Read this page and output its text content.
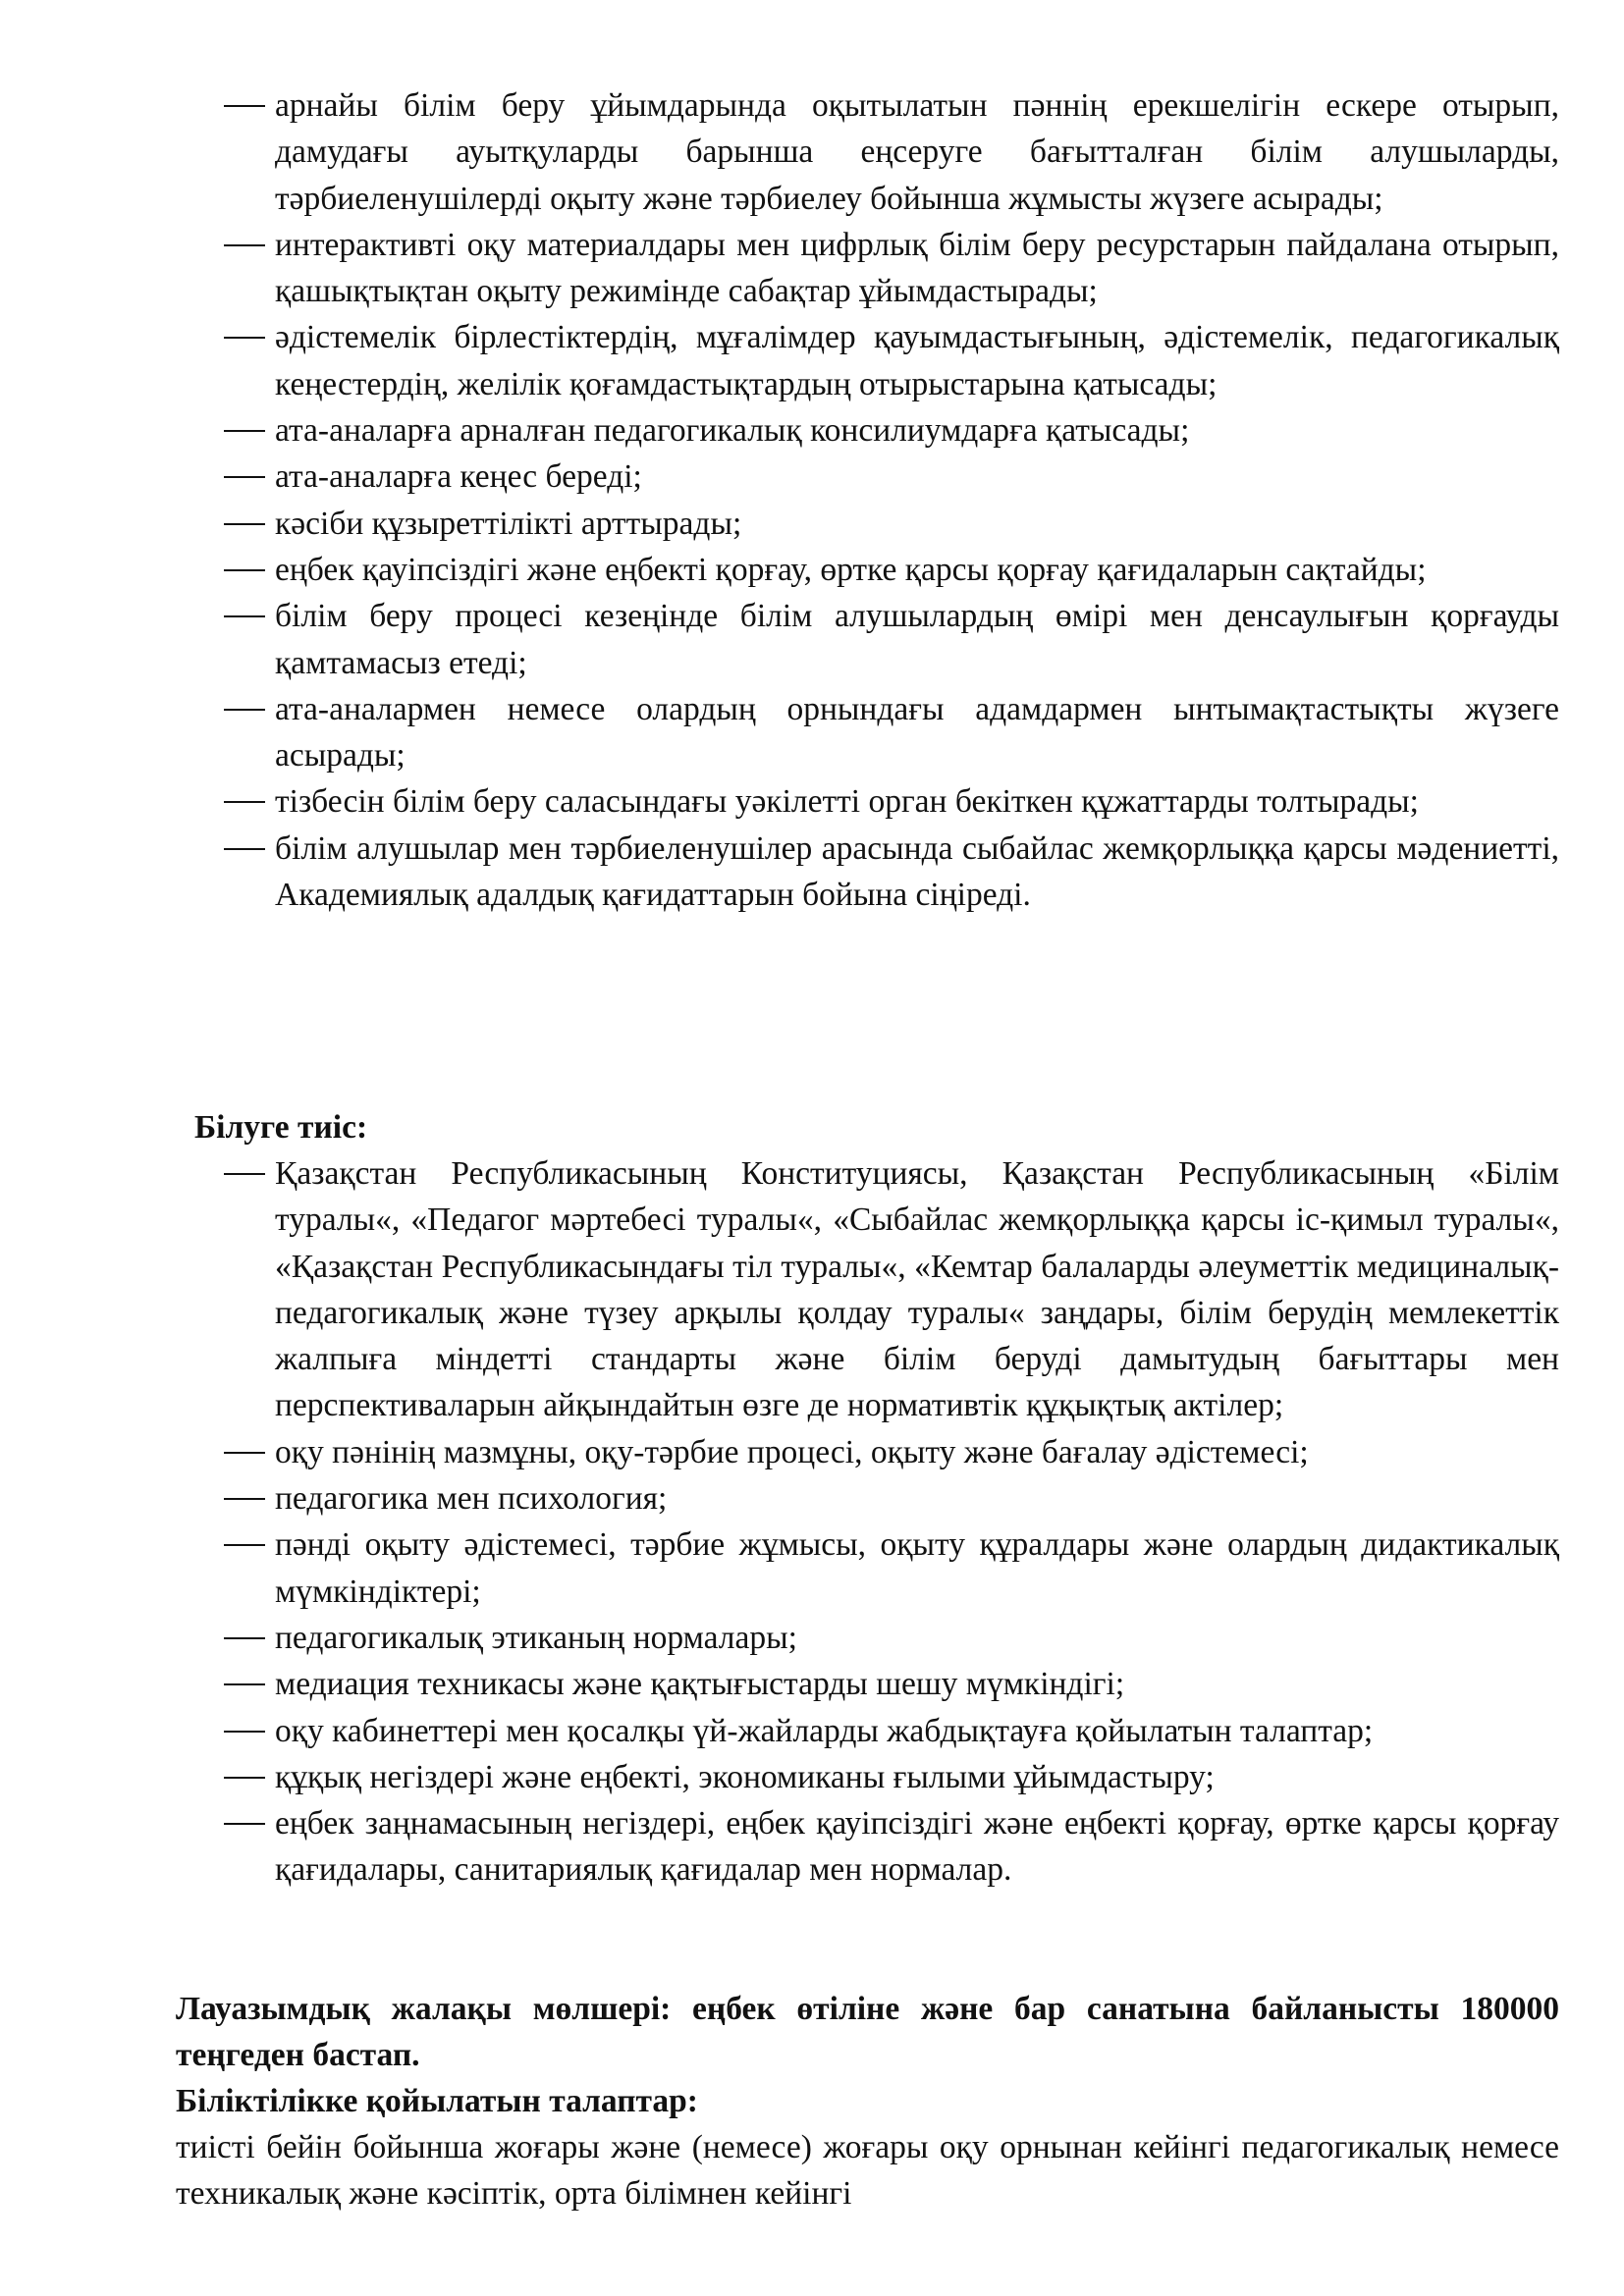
арнайы білім беру ұйымдарында оқытылатын пәннің ерекшелігін ескере отырып, дамудағы ауытқуларды барынша еңсеруге бағытталған білім алушыларды, тәрбиеленушілерді оқыту және тәрбиелеу бойынша жұмысты жүзеге асырады;
интерактивті оқу материалдары мен цифрлық білім беру ресурстарын пайдалана отырып, қашықтықтан оқыту режимінде сабақтар ұйымдастырады;
әдістемелік бірлестіктердің, мұғалімдер қауымдастығының, әдістемелік, педагогикалық кеңестердің, желілік қоғамдастықтардың отырыстарына қатысады;
ата-аналарға арналған педагогикалық консилиумдарға қатысады;
ата-аналарға кеңес береді;
кәсіби құзыреттілікті арттырады;
еңбек қауіпсіздігі және еңбекті қорғау, өртке қарсы қорғау қағидаларын сақтайды;
білім беру процесі кезеңінде білім алушылардың өмірі мен денсаулығын қорғауды қамтамасыз етеді;
ата-аналармен немесе олардың орнындағы адамдармен ынтымақтастықты жүзеге асырады;
тізбесін білім беру саласындағы уәкілетті орган бекіткен құжаттарды толтырады;
білім алушылар мен тәрбиеленушілер арасында сыбайлас жемқорлыққа қарсы мәдениетті, Академиялық адалдық қағидаттарын бойына сіңіреді.
Білуге тиіс:
Қазақстан Республикасының Конституциясы, Қазақстан Республикасының «Білім туралы«, «Педагог мәртебесі туралы«, «Сыбайлас жемқорлыққа қарсы іс-қимыл туралы«, «Қазақстан Республикасындағы тіл туралы«, «Кемтар балаларды әлеуметтік медициналық-педагогикалық және түзеу арқылы қолдау туралы« заңдары, білім берудің мемлекеттік жалпыға міндетті стандарты және білім беруді дамытудың бағыттары мен перспективаларын айқындайтын өзге де нормативтік құқықтық актілер;
оқу пәнінің мазмұны, оқу-тәрбие процесі, оқыту және бағалау әдістемесі;
педагогика мен психология;
пәнді оқыту әдістемесі, тәрбие жұмысы, оқыту құралдары және олардың дидактикалық мүмкіндіктері;
педагогикалық этиканың нормалары;
медиация техникасы және қақтығыстарды шешу мүмкіндігі;
оқу кабинеттері мен қосалқы үй-жайларды жабдықтауға қойылатын талаптар;
құқық негіздері және еңбекті, экономиканы ғылыми ұйымдастыру;
еңбек заңнамасының негіздері, еңбек қауіпсіздігі және еңбекті қорғау, өртке қарсы қорғау қағидалары, санитариялық қағидалар мен нормалар.
Лауазымдық жалақы мөлшері: еңбек өтіліне және бар санатына байланысты 180000 теңгеден бастап.
Біліктілікке қойылатын талаптар:
тиісті бейін бойынша жоғары және (немесе) жоғары оқу орнынан кейінгі педагогикалық немесе техникалық және кәсіптік, орта білімнен кейінгі
